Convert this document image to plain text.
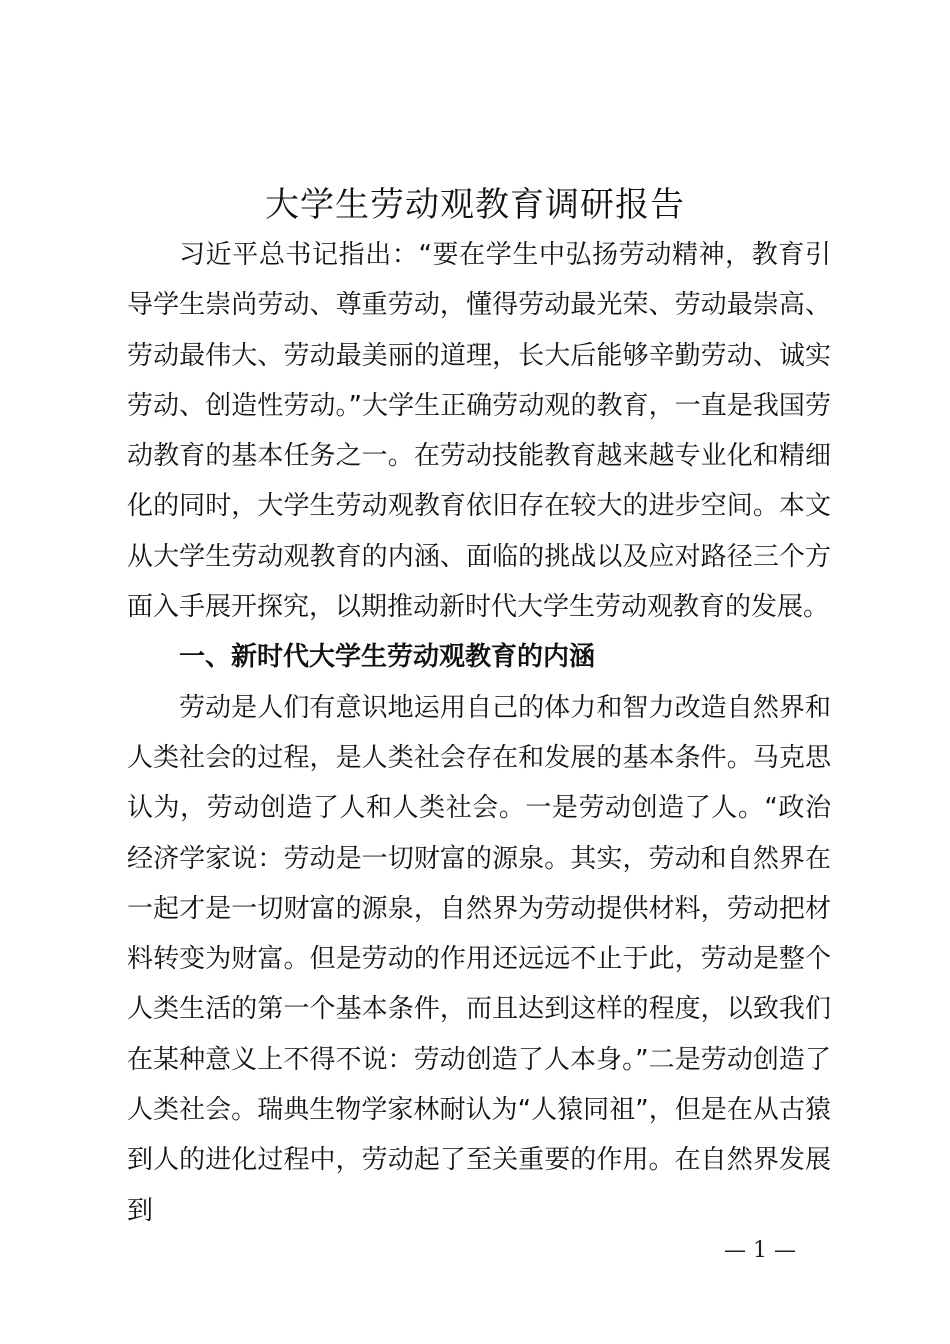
大学生劳动观教育调研报告

习近平总书记指出：“要在学生中弘扬劳动精神，教育引导学生崇尚劳动、尊重劳动，懂得劳动最光荣、劳动最崇高、劳动最伟大、劳动最美丽的道理，长大后能够辛勤劳动、诚实劳动、创造性劳动。”大学生正确劳动观的教育，一直是我国劳动教育的基本任务之一。在劳动技能教育越来越专业化和精细化的同时，大学生劳动观教育依旧存在较大的进步空间。本文从大学生劳动观教育的内涵、面临的挑战以及应对路径三个方面入手展开探究，以期推动新时代大学生劳动观教育的发展。

一、新时代大学生劳动观教育的内涵

劳动是人们有意识地运用自己的体力和智力改造自然界和人类社会的过程，是人类社会存在和发展的基本条件。马克思认为，劳动创造了人和人类社会。一是劳动创造了人。“政治经济学家说：劳动是一切财富的源泉。其实，劳动和自然界在一起才是一切财富的源泉，自然界为劳动提供材料，劳动把材料转变为财富。但是劳动的作用还远远不止于此，劳动是整个人类生活的第一个基本条件，而且达到这样的程度，以致我们在某种意义上不得不说：劳动创造了人本身。”二是劳动创造了人类社会。瑞典生物学家林耐认为“人猿同祖”，但是在从古猿到人的进化过程中，劳动起了至关重要的作用。在自然界发展到

— 1 —
